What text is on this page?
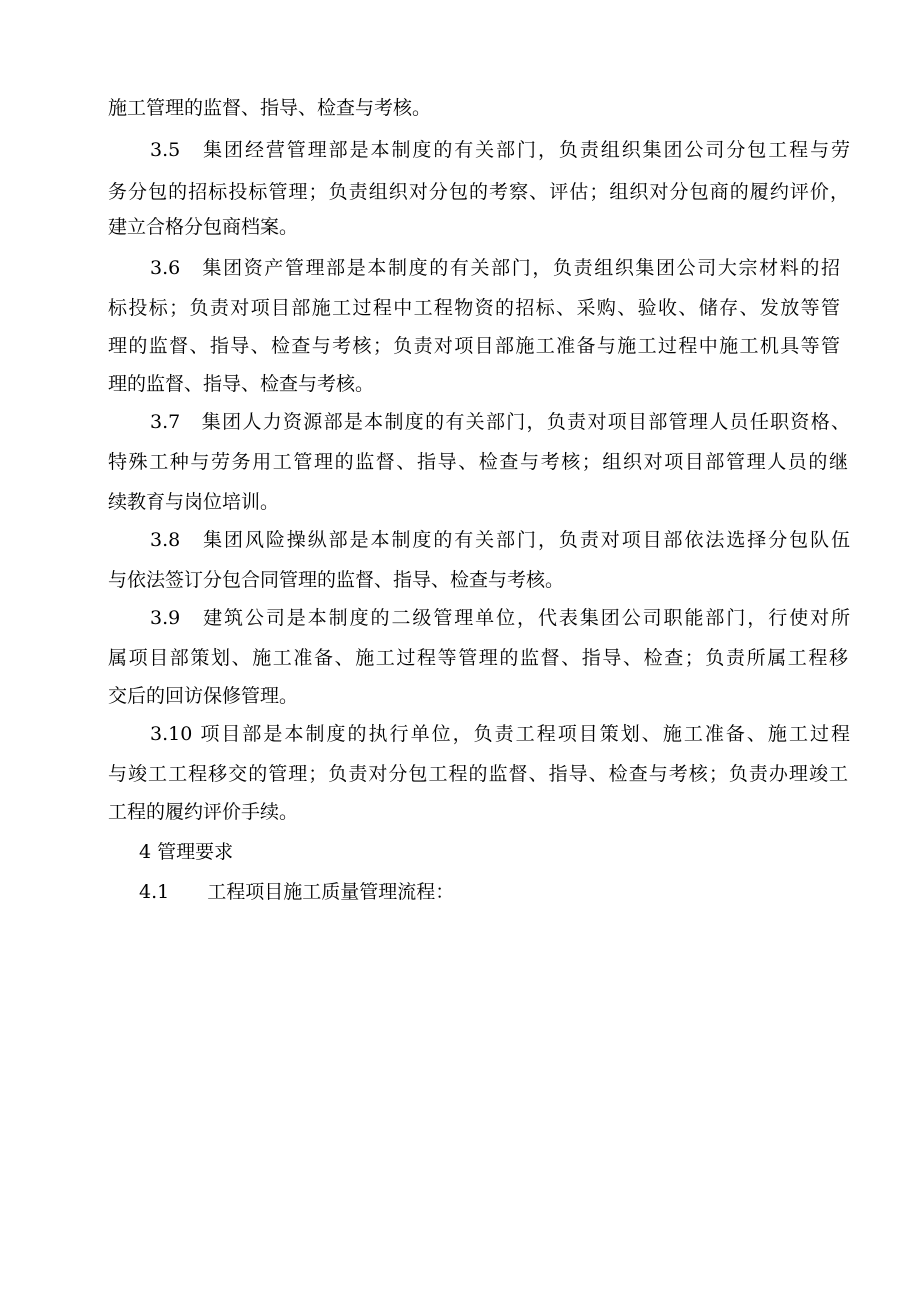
施工管理的监督、指导、检查与考核。
3.5　集团经营管理部是本制度的有关部门，负责组织集团公司分包工程与劳
务分包的招标投标管理；负责组织对分包的考察、评估；组织对分包商的履约评价，
建立合格分包商档案。
3.6　集团资产管理部是本制度的有关部门，负责组织集团公司大宗材料的招
标投标；负责对项目部施工过程中工程物资的招标、采购、验收、储存、发放等管
理的监督、指导、检查与考核；负责对项目部施工准备与施工过程中施工机具等管
理的监督、指导、检查与考核。
3.7　集团人力资源部是本制度的有关部门，负责对项目部管理人员任职资格、
特殊工种与劳务用工管理的监督、指导、检查与考核；组织对项目部管理人员的继
续教育与岗位培训。
3.8　集团风险操纵部是本制度的有关部门，负责对项目部依法选择分包队伍
与依法签订分包合同管理的监督、指导、检查与考核。
3.9　建筑公司是本制度的二级管理单位，代表集团公司职能部门，行使对所
属项目部策划、施工准备、施工过程等管理的监督、指导、检查；负责所属工程移
交后的回访保修管理。
3.10 项目部是本制度的执行单位，负责工程项目策划、施工准备、施工过程
与竣工工程移交的管理；负责对分包工程的监督、指导、检查与考核；负责办理竣工
工程的履约评价手续。
4 管理要求
4.1　　工程项目施工质量管理流程：
